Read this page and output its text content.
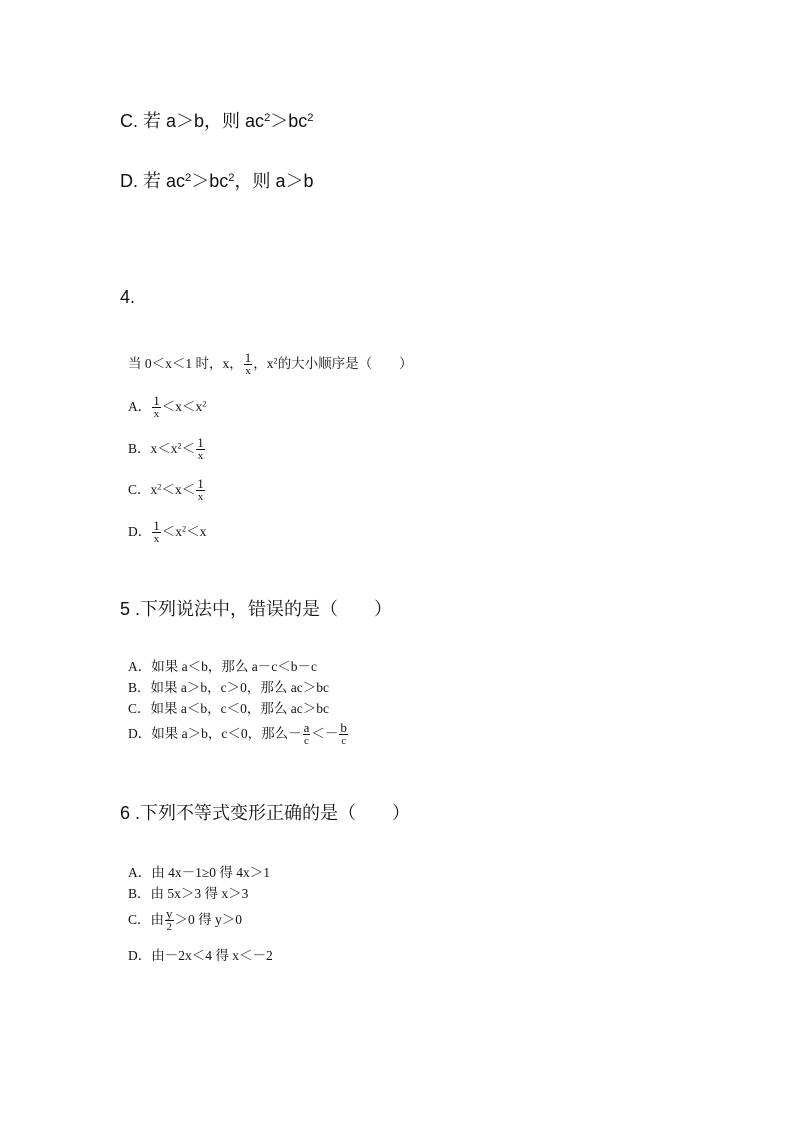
C. 若 a＞b，则 $ac^2>bc^2$
D. 若 $ac^2>bc^2$，则 a＞b
4.
当 0＜x＜1 时，x， $\frac{1}{x}$ ，$x^2$的大小顺序是（　　）
A． $\frac{1}{x} <x<x^2$
B．$x<x^2< \frac{1}{x}$
C．$x^2<x< \frac{1}{x}$
D． $\frac{1}{x} <x^2<x$
5 .下列说法中，错误的是（　　）
A．如果 a＜b，那么 a－c＜b－c
B．如果 a＞b，c＞0，那么 ac＞bc
C．如果 a＜b，c＜0，那么 ac＞bc
D．如果 a＞b，c＜0，那么－ $\frac{a}{c} <- \frac{b}{c}$
6 .下列不等式变形正确的是（　　）
A．由 4x－1≥0 得 4x＞1
B．由 5x＞3 得 x＞3
C．由 $\frac{y}{2} >0$ 得 y＞0
D．由－2x＜4 得 x＜－2
